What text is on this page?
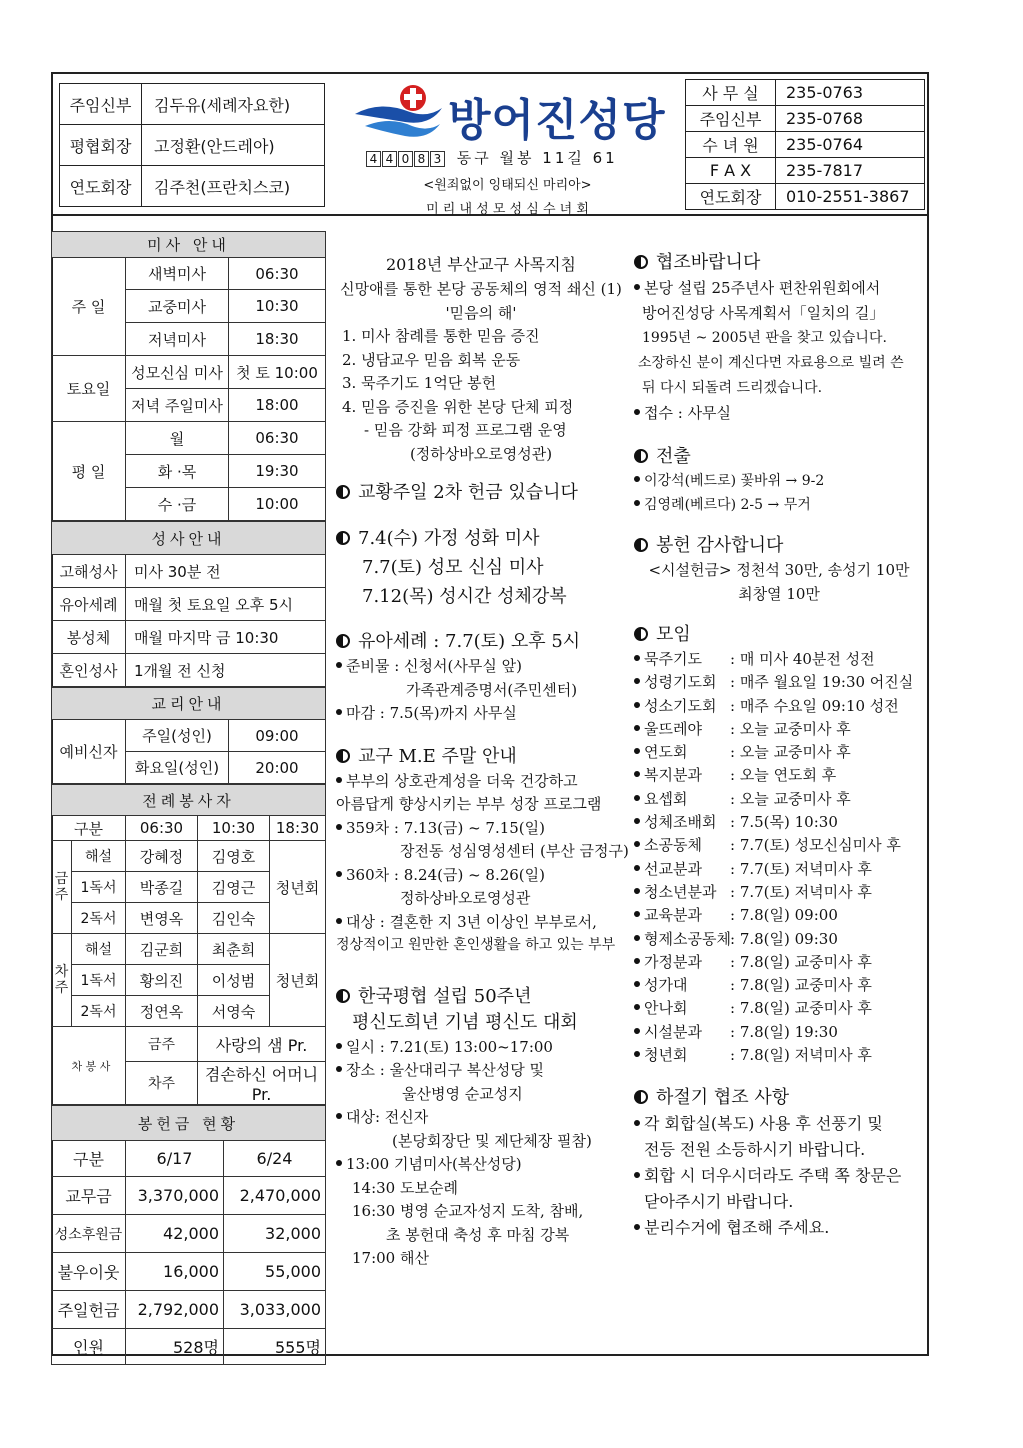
주임신부	김두유(세례자요한)
평협회장	고정환(안드레아)
연도회장	김주천(프란치스코)
방어진성당
4 4 0 8 3 동구 월봉 11길 61
<원죄없이 잉태되신 마리아>
미 리 내 성 모 성 심 수 녀 회
사 무 실	235-0763
주임신부	235-0768
수 녀 원	235-0764
F A X	235-7817
연도회장	010-2551-3867
미사 안내		
주 일	새벽미사	06:30
	교중미사	10:30
	저녁미사	18:30
토요일	성모신심 미사	첫 토 10:00
	저녁 주일미사	18:00
평 일	월	06:30
	화 ·목	19:30
	수 ·금	10:00
성사안내	
고해성사	미사 30분 전
유아세례	매월 첫 토요일 오후 5시
봉성체	매월 마지막 금 10:30
혼인성사	1개월 전 신청
교리안내		
예비신자	주일(성인)	09:00
	화요일(성인)	20:00
전례봉사자				
구분		06:30	10:30	18:30
금주	해설	강혜정	김영호	청년회
	1독서	박종길	김영근	
	2독서	변영옥	김인숙	
차주	해설	김군희	최춘희	청년회
	1독서	황의진	이성범	
	2독서	정연옥	서영숙	
	차 봉 사	금주	사랑의 샘 Pr.	
		차주	겸손하신 어머니 Pr.	
봉헌금 현황		
구분	6/17	6/24
교무금	3,370,000	2,470,000
성소후원금	42,000	32,000
불우이웃	16,000	55,000
주일헌금	2,792,000	3,033,000
인원	528명	555명
2018년 부산교구 사목지침
신망애를 통한 본당 공동체의 영적 쇄신 (1)
'믿음의 해'
1. 미사 참례를 통한 믿음 증진
2. 냉담교우 믿음 회복 운동
3. 묵주기도 1억단 봉헌
4. 믿음 증진을 위한 본당 단체 피정
- 믿음 강화 피정 프로그램 운영
(정하상바오로영성관)
교황주일 2차 헌금 있습니다
7.4(수) 가정 성화 미사
7.7(토) 성모 신심 미사
7.12(목) 성시간 성체강복
유아세례 : 7.7(토) 오후 5시
준비물 : 신청서(사무실 앞)
가족관계증명서(주민센터)
마감 : 7.5(목)까지 사무실
교구 M.E 주말 안내
부부의 상호관계성을 더욱 건강하고
아름답게 향상시키는 부부 성장 프로그램
359차 : 7.13(금) ~ 7.15(일)
장전동 성심영성센터 (부산 금정구)
360차 : 8.24(금) ~ 8.26(일)
정하상바오로영성관
대상 : 결혼한 지 3년 이상인 부부로서,
정상적이고 원만한 혼인생활을 하고 있는 부부
한국평협 설립 50주년
평신도희년 기념 평신도 대회
일시 : 7.21(토) 13:00~17:00
장소 : 울산대리구 복산성당 및
울산병영 순교성지
대상: 전신자
(본당회장단 및 제단체장 필참)
13:00 기념미사(복산성당)
14:30 도보순례
16:30 병영 순교자성지 도착, 참배,
초 봉헌대 축성 후 마침 강복
17:00 해산
협조바랍니다
본당 설립 25주년사 편찬위원회에서
방어진성당 사목계획서「일치의 길」
1995년 ~ 2005년 판을 찾고 있습니다.
소장하신 분이 계신다면 자료용으로 빌려 쓴
뒤 다시 되돌려 드리겠습니다.
접수 : 사무실
전출
이강석(베드로) 꽃바위 → 9-2
김영례(베르다) 2-5 → 무거
봉헌 감사합니다
<시설헌금> 정천석 30만, 송성기 10만
최창열 10만
모임
묵주기도 : 매 미사 40분전 성전
성령기도회 : 매주 월요일 19:30 어진실
성소기도회 : 매주 수요일 09:10 성전
울뜨레야 : 오늘 교중미사 후
연도회	: 오늘 교중미사 후
복지분과 : 오늘 연도회 후
요셉회	: 오늘 교중미사 후
성체조배회 : 7.5(목) 10:30
소공동체 : 7.7(토) 성모신심미사 후
선교분과 : 7.7(토) 저녁미사 후
청소년분과 : 7.7(토) 저녁미사 후
교육분과 : 7.8(일) 09:00
형제소공동체: 7.8(일) 09:30
가정분과 : 7.8(일) 교중미사 후
성가대	: 7.8(일) 교중미사 후
안나회	: 7.8(일) 교중미사 후
시설분과 : 7.8(일) 19:30
청년회	: 7.8(일) 저녁미사 후
하절기 협조 사항
각 회합실(복도) 사용 후 선풍기 및
전등 전원 소등하시기 바랍니다.
회합 시 더우시더라도 주택 쪽 창문은
닫아주시기 바랍니다.
분리수거에 협조해 주세요.
